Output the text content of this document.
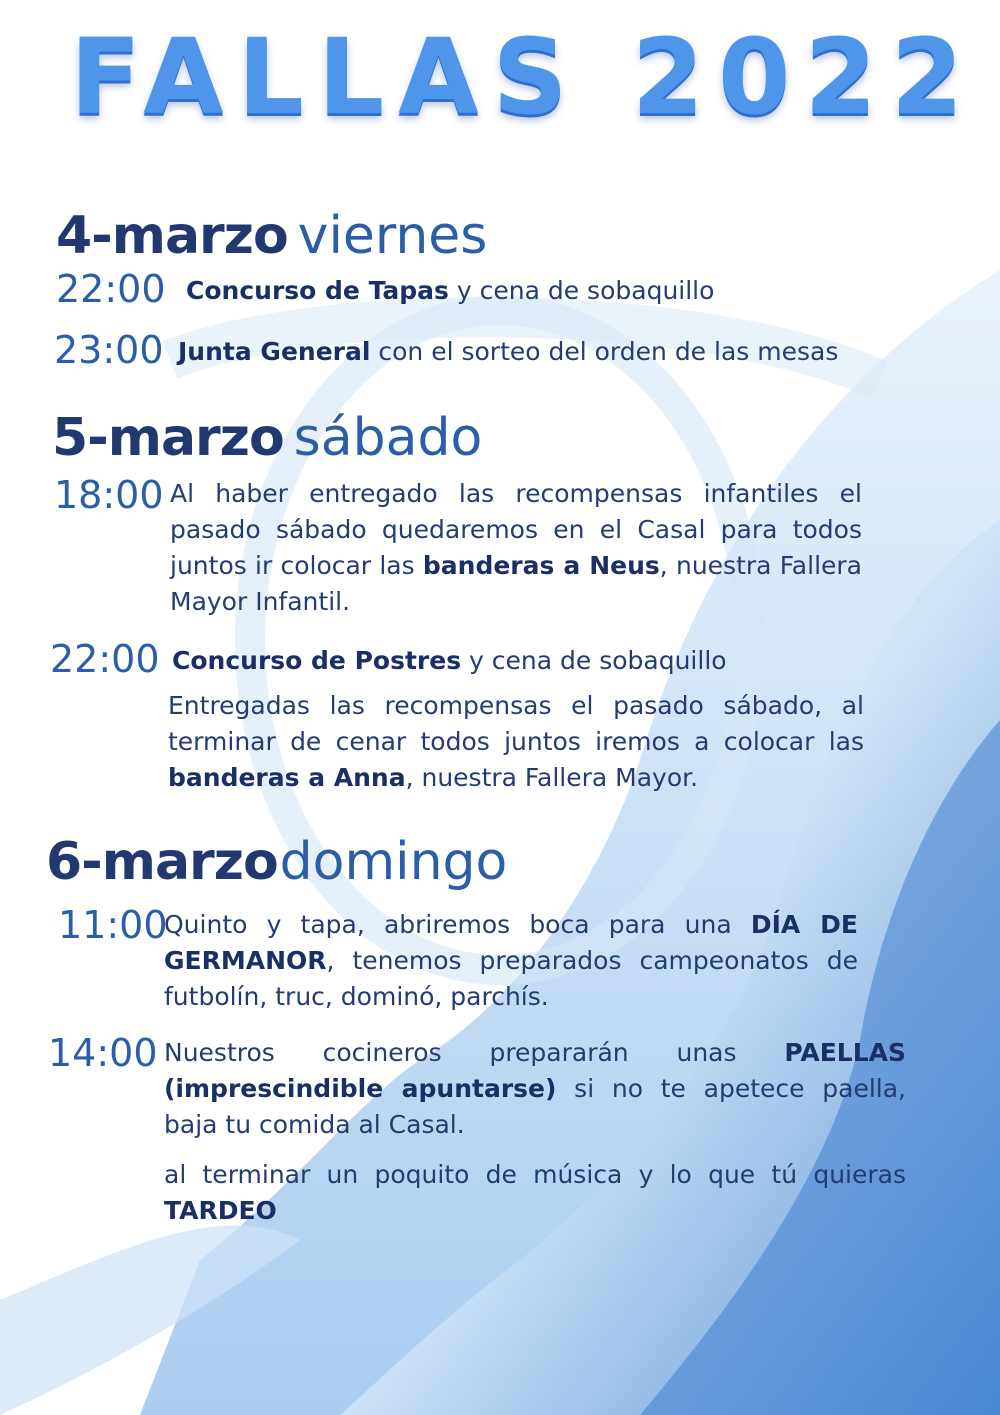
FALLAS 2022
4-marzo viernes
22:00 Concurso de Tapas y cena de sobaquillo
23:00 Junta General con el sorteo del orden de las mesas
5-marzo sábado
18:00 Al haber entregado las recompensas infantiles el pasado sábado quedaremos en el Casal para todos juntos ir colocar las banderas a Neus, nuestra Fallera Mayor Infantil.
22:00 Concurso de Postres y cena de sobaquillo
Entregadas las recompensas el pasado sábado, al terminar de cenar todos juntos iremos a colocar las banderas a Anna, nuestra Fallera Mayor.
6-marzodomingo
11:00
Quinto y tapa, abriremos boca para una DÍA DE GERMANOR, tenemos preparados campeonatos de futbolín, truc, dominó, parchís.
14:00 Nuestros cocineros prepararán unas PAELLAS (imprescindible apuntarse) si no te apetece paella, baja tu comida al Casal.
al terminar un poquito de música y lo que tú quieras TARDEO
